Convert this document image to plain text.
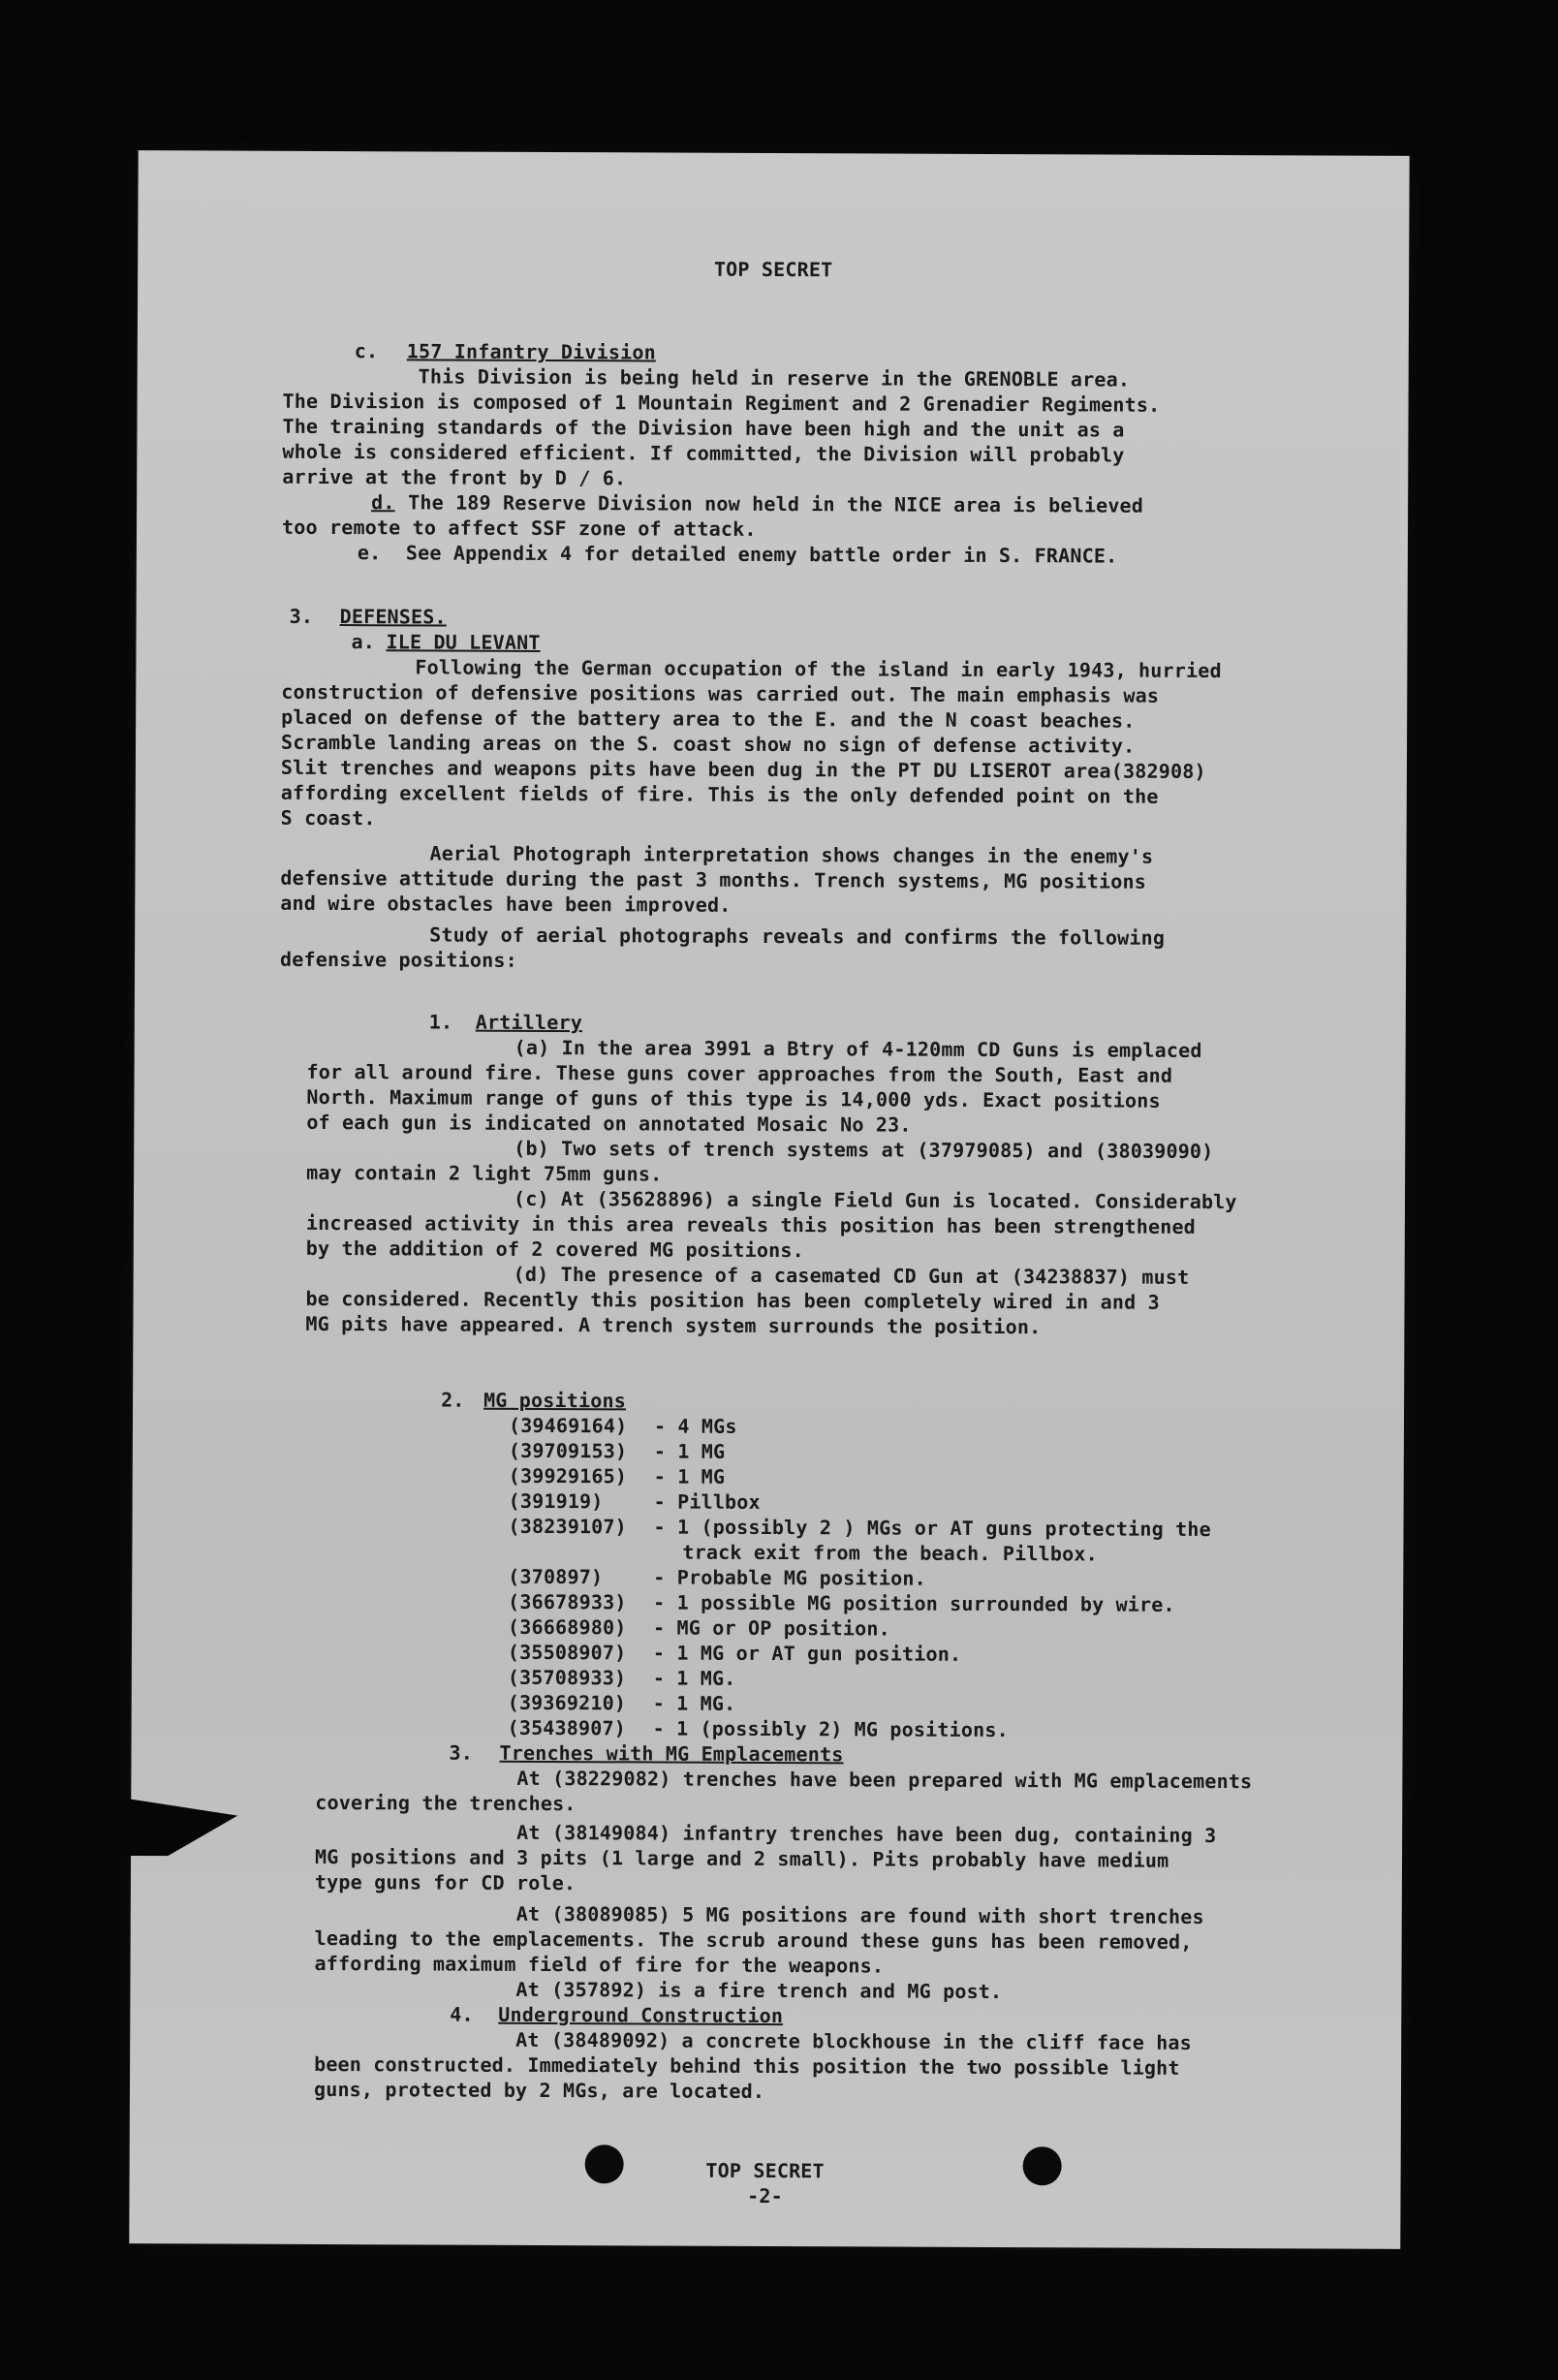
TOP SECRET

c. 157 Infantry Division

This Division is being held in reserve in the GRENOBLE area.

The Division is composed of 1 Mountain Regiment and 2 Grenadier Regiments.

The training standards of the Division have been high and the unit as a

whole is considered efficient. If committed, the Division will probably

arrive at the front by D / 6.

d. The 189 Reserve Division now held in the NICE area is believed

too remote to affect SSF zone of attack.

e. See Appendix 4 for detailed enemy battle order in S. FRANCE.

3. DEFENSES.

a. ILE DU LEVANT

Following the German occupation of the island in early 1943, hurried

construction of defensive positions was carried out. The main emphasis was

placed on defense of the battery area to the E. and the N coast beaches.

Scramble landing areas on the S. coast show no sign of defense activity.

Slit trenches and weapons pits have been dug in the PT DU LISEROT area(382908)

affording excellent fields of fire. This is the only defended point on the

S coast.

Aerial Photograph interpretation shows changes in the enemy's

defensive attitude during the past 3 months. Trench systems, MG positions

and wire obstacles have been improved.

Study of aerial photographs reveals and confirms the following

defensive positions:

1. Artillery

(a) In the area 3991 a Btry of 4-120mm CD Guns is emplaced

for all around fire. These guns cover approaches from the South, East and

North. Maximum range of guns of this type is 14,000 yds. Exact positions

of each gun is indicated on annotated Mosaic No 23.

(b) Two sets of trench systems at (37979085) and (38039090)

may contain 2 light 75mm guns.

(c) At (35628896) a single Field Gun is located. Considerably

increased activity in this area reveals this position has been strengthened

by the addition of 2 covered MG positions.

(d) The presence of a casemated CD Gun at (34238837) must

be considered. Recently this position has been completely wired in and 3

MG pits have appeared. A trench system surrounds the position.

2. MG positions

(39469164) - 4 MGs

(39709153) - 1 MG

(39929165) - 1 MG

(391919)	- Pillbox

(38239107) - 1 (possibly 2 ) MGs or AT guns protecting the

track exit from the beach. Pillbox.

(370897)	- Probable MG position.

(36678933) - 1 possible MG position surrounded by wire.

(36668980) - MG or OP position.

(35508907) - 1 MG or AT gun position.

(35708933) - 1 MG.

(39369210) - 1 MG.

(35438907) - 1 (possibly 2) MG positions.

3. Trenches with MG Emplacements

At (38229082) trenches have been prepared with MG emplacements

covering the trenches.

At (38149084) infantry trenches have been dug, containing 3

MG positions and 3 pits (1 large and 2 small). Pits probably have medium

type guns for CD role.

At (38089085) 5 MG positions are found with short trenches

leading to the emplacements. The scrub around these guns has been removed,

affording maximum field of fire for the weapons.

At (357892) is a fire trench and MG post.

4. Underground Construction

At (38489092) a concrete blockhouse in the cliff face has

been constructed. Immediately behind this position the two possible light

guns, protected by 2 MGs, are located.

TOP SECRET

-2-
